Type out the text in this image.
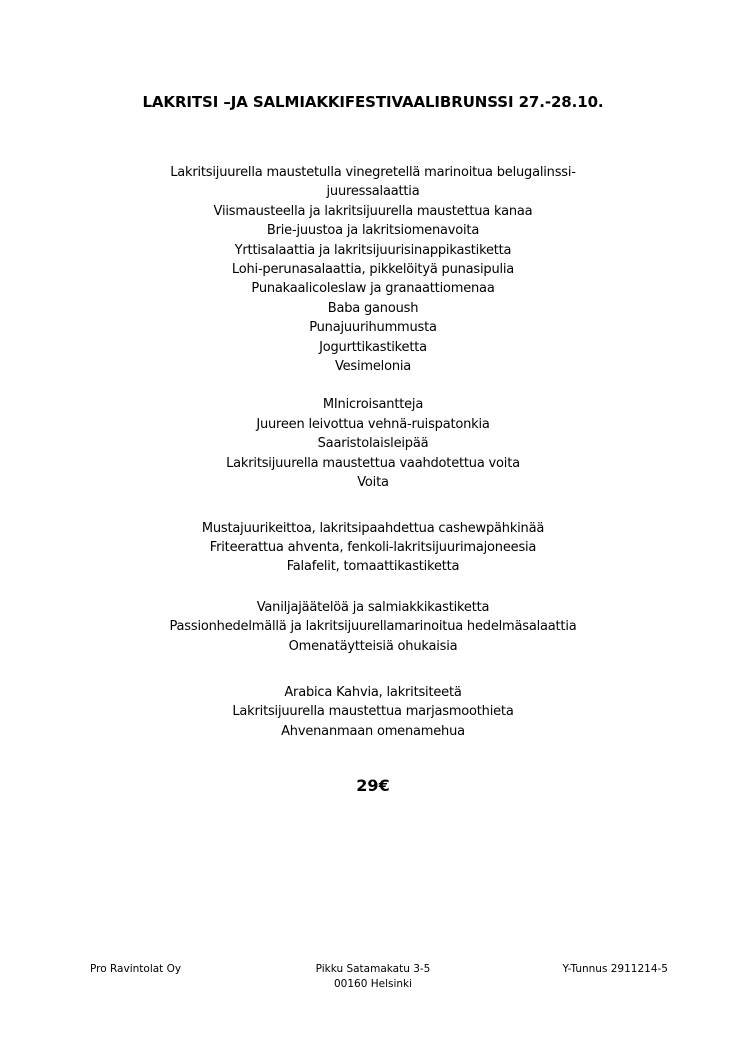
LAKRITSI –JA SALMIAKKIFESTIVAALIBRUNSSI 27.-28.10.
Lakritsijuurella maustetulla vinegretellä marinoitua belugalinssi-juuressalaattia
Viismausteella ja lakritsijuurella maustettua kanaa
Brie-juustoa ja lakritsiomenavoita
Yrttisalaattia ja lakritsijuurisinappikastiketta
Lohi-perunasalaattia, pikkelöityä punasipulia
Punakaalicoleslaw ja granaattiomenaa
Baba ganoush
Punajuurihummusta
Jogurttikastiketta
Vesimelonia
MInicroisantteja
Juureen leivottua vehnä-ruispatonkia
Saaristolaisleipää
Lakritsijuurella maustettua vaahdotettua voita
Voita
Mustajuurikeittoa, lakritsipaahdettua cashewpähkinää
Friteerattua ahventa, fenkoli-lakritsijuurimajoneesia
Falafelit, tomaattikastiketta
Vaniljajäätelöä ja salmiakkikastiketta
Passionhedelmällä ja lakritsijuurellamarinoitua hedelmäsalaattia
Omenatäytteisiä ohukaisia
Arabica Kahvia, lakritsiteetä
Lakritsijuurella maustettua marjasmoothieta
Ahvenanmaan omenamehua
29€
Pro Ravintolat Oy	Pikku Satamakatu 3-5
00160 Helsinki
Y-Tunnus 2911214-5
